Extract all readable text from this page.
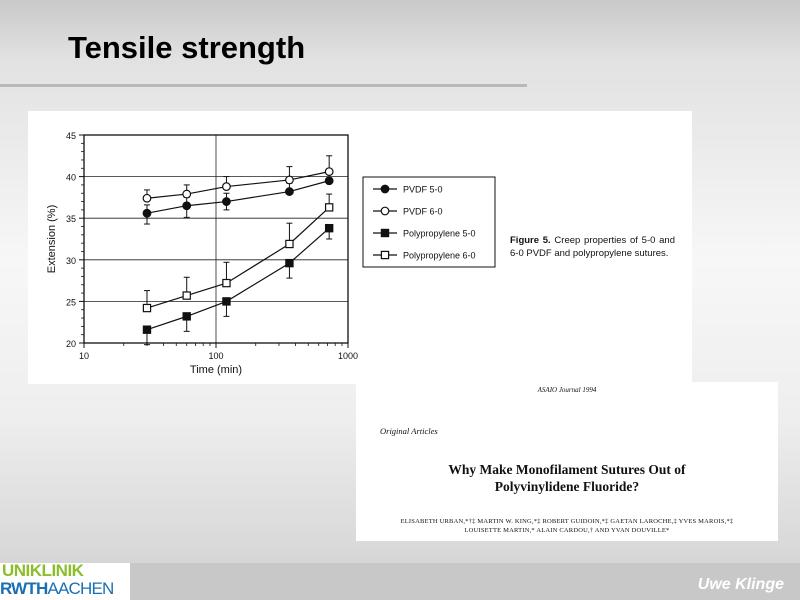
Tensile strength
20
25
30
35
40
45
10	100	1000
Time (min)
Extension (%)
PVDF 5-0
PVDF 6-0
Polypropylene 5-0
Polypropylene 6-0
Figure 5. Creep properties of 5-0 and 6-0 PVDF and polypropylene sutures.
ASAIO Journal 1994
Original Articles
Why Make Monofilament Sutures Out of
Polyvinylidene Fluoride?
ELISABETH URBAN,*†‡ MARTIN W. KING,*‡ ROBERT GUIDOIN,*‡ GAETAN LAROCHE,‡ YVES MAROIS,*‡
LOUISETTE MARTIN,* ALAIN CARDOU,† AND YVAN DOUVILLE*
UNIKLINIK
RWTHAACHEN	Uwe Klinge
